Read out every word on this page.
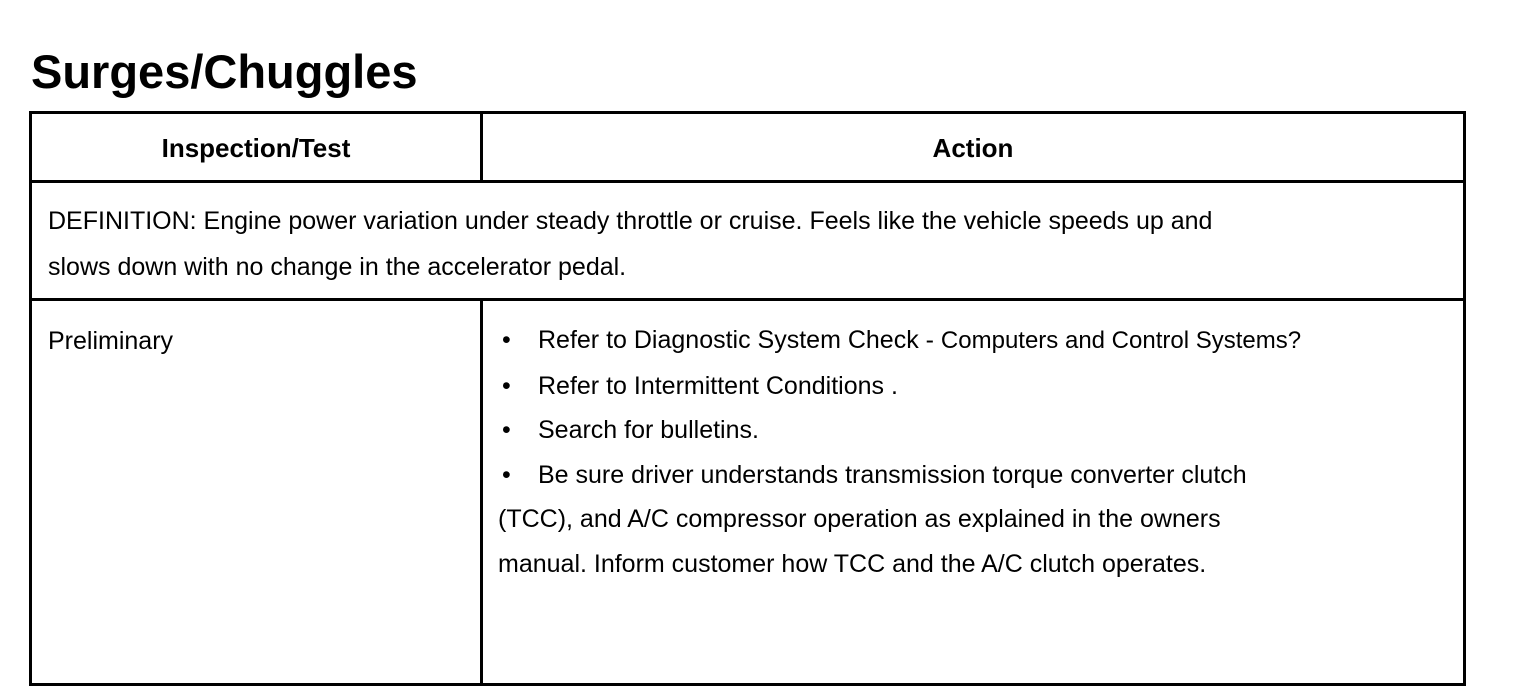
Surges/Chuggles
Inspection/Test	Action
DEFINITION: Engine power variation under steady throttle or cruise. Feels like the vehicle speeds up and
slows down with no change in the accelerator pedal.
Preliminary	•	Refer to Diagnostic System Check - Computers and Control Systems?
•	Refer to Intermittent Conditions .
•	Search for bulletins.
•	Be sure driver understands transmission torque converter clutch
(TCC), and A/C compressor operation as explained in the owners
manual. Inform customer how TCC and the A/C clutch operates.
